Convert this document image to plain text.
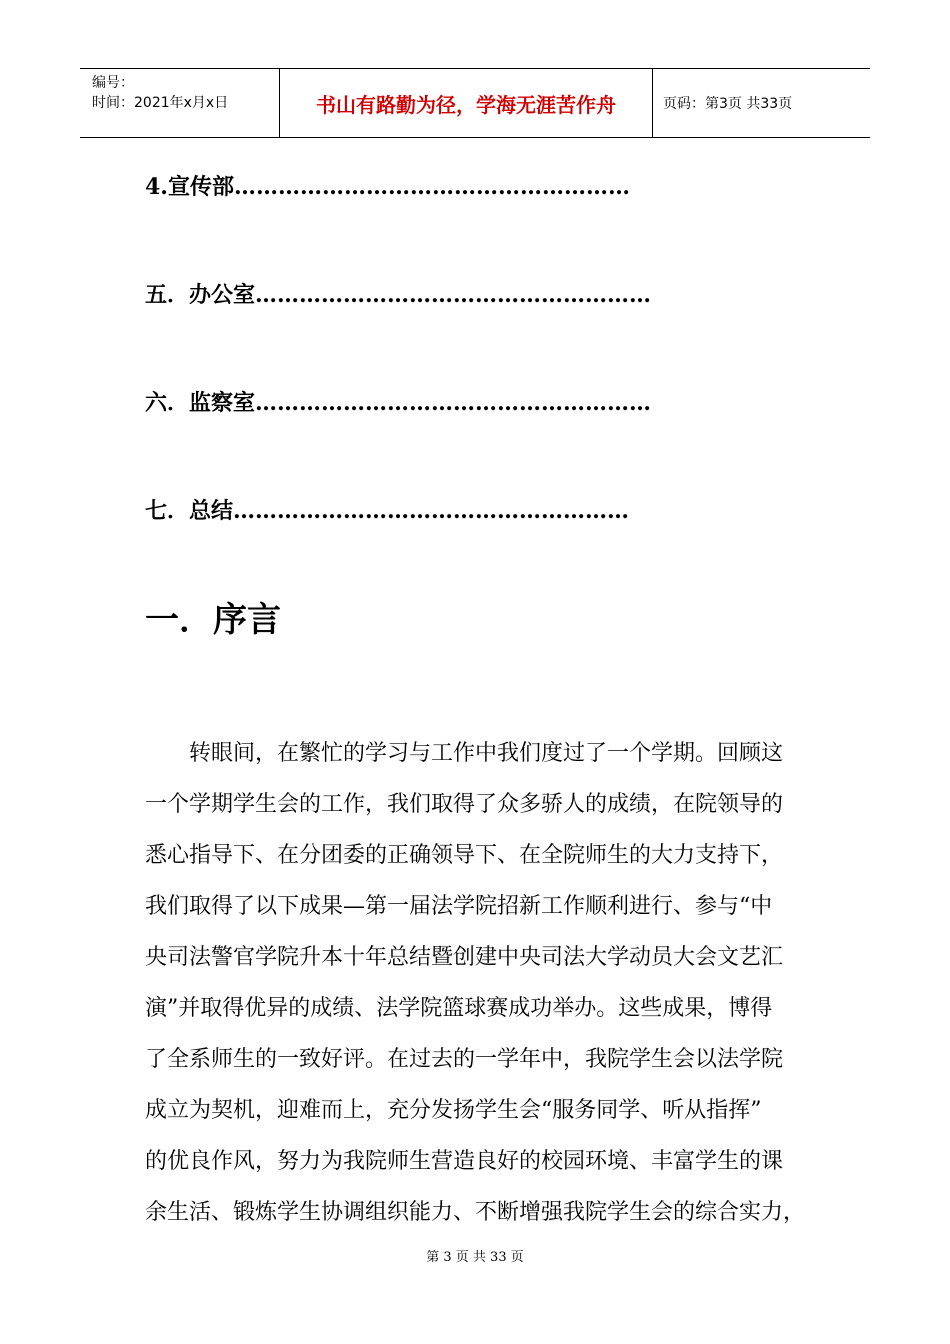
编号：
时间：2021年x月x日	书山有路勤为径，学海无涯苦作舟	页码：第3页 共33页
4.宣传部………………………………………………
五．办公室………………………………………………
六．监察室………………………………………………
七．总结………………………………………………
一．序言
　　转眼间，在繁忙的学习与工作中我们度过了一个学期。回顾这
一个学期学生会的工作，我们取得了众多骄人的成绩，在院领导的
悉心指导下、在分团委的正确领导下、在全院师生的大力支持下，
我们取得了以下成果—第一届法学院招新工作顺利进行、参与“中
央司法警官学院升本十年总结暨创建中央司法大学动员大会文艺汇
演”并取得优异的成绩、法学院篮球赛成功举办。这些成果，博得
了全系师生的一致好评。在过去的一学年中，我院学生会以法学院
成立为契机，迎难而上，充分发扬学生会“服务同学、听从指挥”
的优良作风，努力为我院师生营造良好的校园环境、丰富学生的课
余生活、锻炼学生协调组织能力、不断增强我院学生会的综合实力，
第 3 页 共 33 页
